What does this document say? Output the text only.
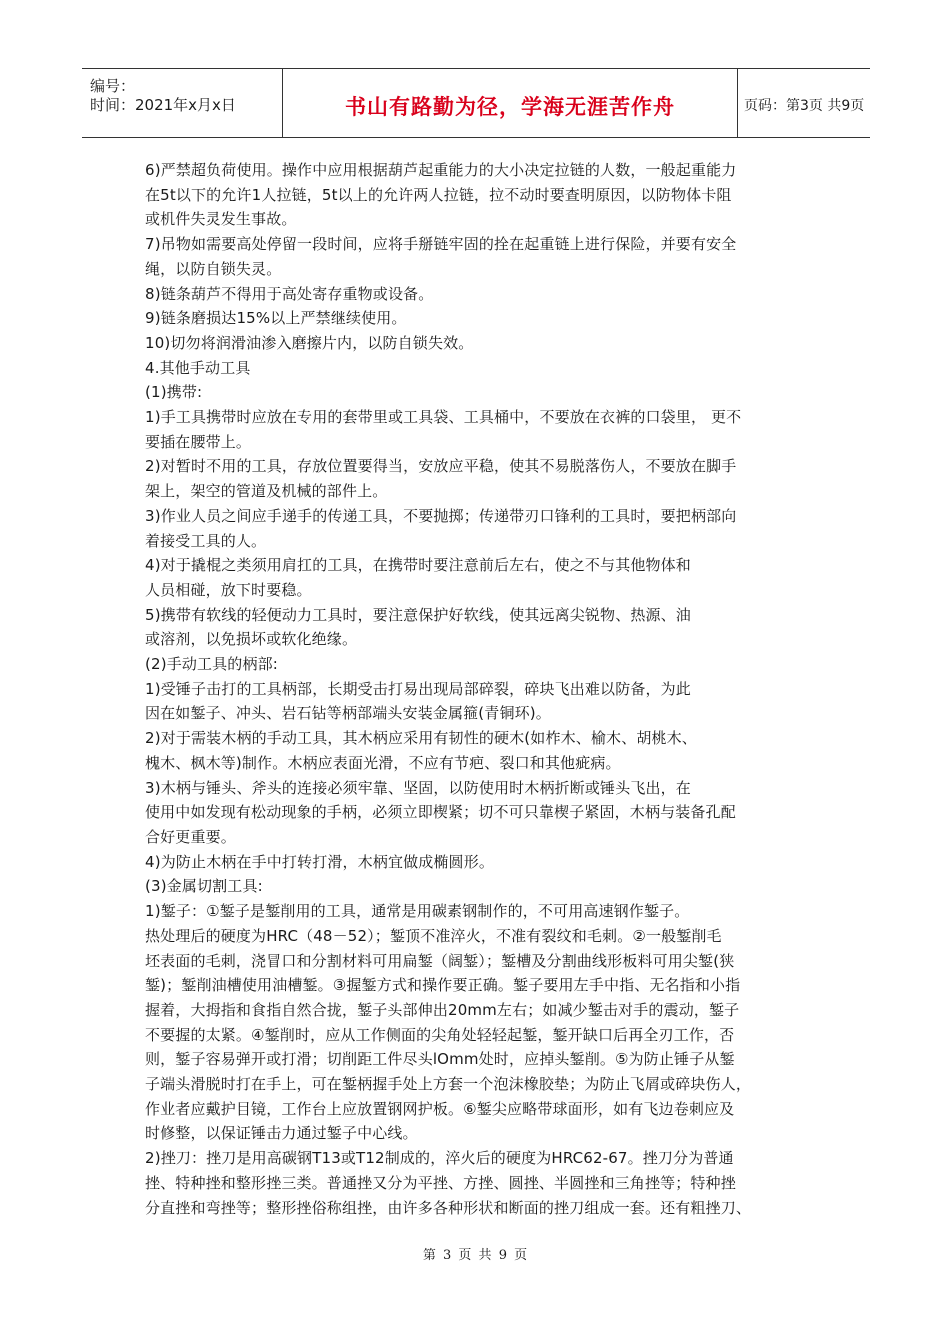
编号：
时间：2021年x月x日	书山有路勤为径，学海无涯苦作舟	页码：第3页 共9页

6)严禁超负荷使用。操作中应用根据葫芦起重能力的大小决定拉链的人数，一般起重能力

在5t以下的允许1人拉链，5t以上的允许两人拉链，拉不动时要查明原因，以防物体卡阻

或机件失灵发生事故。

7)吊物如需要高处停留一段时间，应将手掰链牢固的拴在起重链上进行保险，并要有安全

绳，以防自锁失灵。

8)链条葫芦不得用于高处寄存重物或设备。

9)链条磨损达15%以上严禁继续使用。

10)切勿将润滑油渗入磨擦片内，以防自锁失效。

4.其他手动工具

(1)携带:

1)手工具携带时应放在专用的套带里或工具袋、工具桶中，不要放在衣裤的口袋里， 更不

要插在腰带上。

2)对暂时不用的工具，存放位置要得当，安放应平稳，使其不易脱落伤人，不要放在脚手

架上，架空的管道及机械的部件上。

3)作业人员之间应手递手的传递工具，不要抛掷；传递带刃口锋利的工具时，要把柄部向

着接受工具的人。

4)对于撬棍之类须用肩扛的工具，在携带时要注意前后左右，使之不与其他物体和

人员相碰，放下时要稳。

5)携带有软线的轻便动力工具时，要注意保护好软线，使其远离尖锐物、热源、油

或溶剂，以免损坏或软化绝缘。

(2)手动工具的柄部:

1)受锤子击打的工具柄部，长期受击打易出现局部碎裂，碎块飞出难以防备，为此

因在如錾子、冲头、岩石钻等柄部端头安装金属箍(青铜环)。

2)对于需装木柄的手动工具，其木柄应采用有韧性的硬木(如柞木、榆木、胡桃木、

槐木、枫木等)制作。木柄应表面光滑，不应有节疤、裂口和其他疵病。

3)木柄与锤头、斧头的连接必须牢靠、坚固，以防使用时木柄折断或锤头飞出，在

使用中如发现有松动现象的手柄，必须立即楔紧；切不可只靠楔子紧固，木柄与装备孔配

合好更重要。

4)为防止木柄在手中打转打滑，木柄宜做成椭圆形。

(3)金属切割工具:

1)錾子：①錾子是錾削用的工具，通常是用碳素钢制作的，不可用高速钢作錾子。

热处理后的硬度为HRC（48－52）；錾顶不准淬火，不准有裂纹和毛刺。②一般錾削毛

坯表面的毛刺，浇冒口和分割材料可用扁錾（阔錾）；錾槽及分割曲线形板料可用尖錾(狭

錾)；錾削油槽使用油槽錾。③握錾方式和操作要正确。錾子要用左手中指、无名指和小指

握着，大拇指和食指自然合拢，錾子头部伸出20mm左右；如减少錾击对手的震动，錾子

不要握的太紧。④錾削时，应从工作侧面的尖角处轻轻起錾，錾开缺口后再全刃工作，否

则，錾子容易弹开或打滑；切削距工件尽头lOmm处时，应掉头錾削。⑤为防止锤子从錾

子端头滑脱时打在手上，可在錾柄握手处上方套一个泡沫橡胶垫；为防止飞屑或碎块伤人，

作业者应戴护目镜，工作台上应放置钢网护板。⑥錾尖应略带球面形，如有飞边卷刺应及

时修整，以保证锤击力通过錾子中心线。

2)挫刀：挫刀是用高碳钢T13或T12制成的，淬火后的硬度为HRC62-67。挫刀分为普通

挫、特种挫和整形挫三类。普通挫又分为平挫、方挫、圆挫、半圆挫和三角挫等；特种挫

分直挫和弯挫等；整形挫俗称组挫，由许多各种形状和断面的挫刀组成一套。还有粗挫刀、

第 3 页 共 9 页
